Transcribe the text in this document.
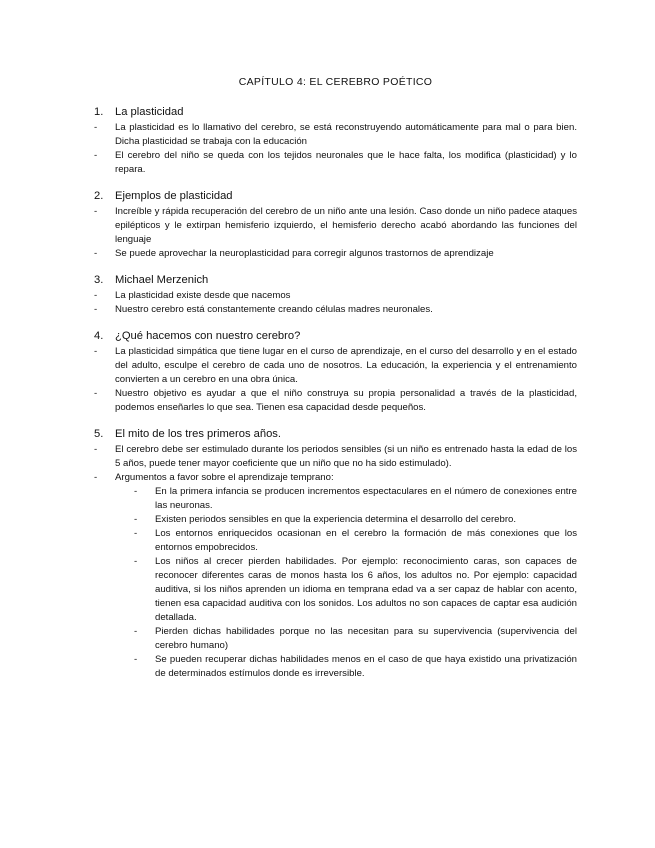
CAPÍTULO 4: EL CEREBRO POÉTICO
1.	La plasticidad
-	La plasticidad es lo llamativo del cerebro, se está reconstruyendo automáticamente para mal o para bien. Dicha plasticidad se trabaja con la educación
-	El cerebro del niño se queda con los tejidos neuronales que le hace falta, los modifica (plasticidad) y lo repara.
2.	Ejemplos de plasticidad
-	Increíble y rápida recuperación del cerebro de un niño ante una lesión. Caso donde un niño padece ataques epilépticos y le extirpan hemisferio izquierdo, el hemisferio derecho acabó abordando las funciones del lenguaje
-	Se puede aprovechar la neuroplasticidad para corregir algunos trastornos de aprendizaje
3.	Michael Merzenich
-	La plasticidad existe desde que nacemos
-	Nuestro cerebro está constantemente creando células madres neuronales.
4.	¿Qué hacemos con nuestro cerebro?
-	La plasticidad simpática que tiene lugar en el curso de aprendizaje, en el curso del desarrollo y en el estado del adulto, esculpe el cerebro de cada uno de nosotros. La educación, la experiencia y el entrenamiento convierten a un cerebro en una obra única.
-	Nuestro objetivo es ayudar a que el niño construya su propia personalidad a través de la plasticidad, podemos enseñarles lo que sea. Tienen esa capacidad desde pequeños.
5.	El mito de los tres primeros años.
-	El cerebro debe ser estimulado durante los periodos sensibles (si un niño es entrenado hasta la edad de los 5 años, puede tener mayor coeficiente que un niño que no ha sido estimulado).
-	Argumentos a favor sobre el aprendizaje temprano:
-	En la primera infancia se producen incrementos espectaculares en el número de conexiones entre las neuronas.
-	Existen periodos sensibles en que la experiencia determina el desarrollo del cerebro.
-	Los entornos enriquecidos ocasionan en el cerebro la formación de más conexiones que los entornos empobrecidos.
-	Los niños al crecer pierden habilidades. Por ejemplo: reconocimiento caras, son capaces de reconocer diferentes caras de monos hasta los 6 años, los adultos no. Por ejemplo: capacidad auditiva, si los niños aprenden un idioma en temprana edad va a ser capaz de hablar con acento, tienen esa capacidad auditiva con los sonidos. Los adultos no son capaces de captar esa audición detallada.
-	Pierden dichas habilidades porque no las necesitan para su supervivencia (supervivencia del cerebro humano)
-	Se pueden recuperar dichas habilidades menos en el caso de que haya existido una privatización de determinados estímulos donde es irreversible.
